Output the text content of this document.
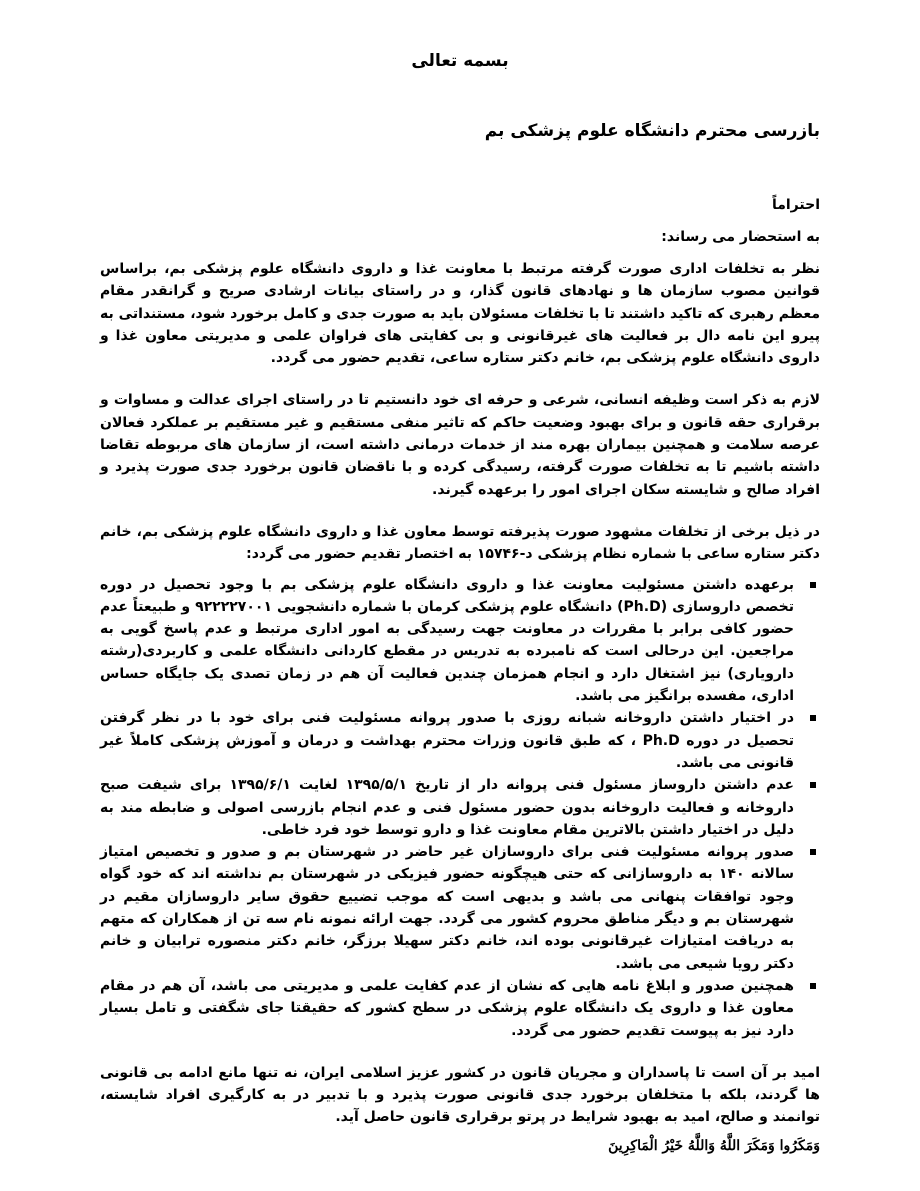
بسمه تعالی
بازرسی محترم دانشگاه علوم پزشکی بم

احتراماً

به استحضار می رساند:

نظر به تخلفات اداری صورت گرفته مرتبط با معاونت غذا و داروی دانشگاه علوم پزشکی بم، براساس قوانین مصوب سازمان ها و نهادهای قانون گذار، و در راستای بیانات ارشادی صریح و گرانقدر مقام معظم رهبری که تاکید داشتند تا با تخلفات مسئولان باید به صورت جدی و کامل برخورد شود، مستنداتی به پیرو این نامه دال بر فعالیت های غیرقانونی و بی کفایتی های فراوان علمی و مدیریتی معاون غذا و داروی دانشگاه علوم پزشکی بم، خانم دکتر ستاره ساعی، تقدیم حضور می گردد.

لازم به ذکر است وظیفه انسانی، شرعی و حرفه ای خود دانستیم تا در راستای اجرای عدالت و مساوات و برقراری حقه قانون و برای بهبود وضعیت حاکم که تاثیر منفی مستقیم و غیر مستقیم بر عملکرد فعالان عرصه سلامت و همچنین بیماران بهره مند از خدمات درمانی داشته است، از سازمان های مربوطه تقاضا داشته باشیم تا به تخلفات صورت گرفته، رسیدگی کرده و با ناقضان قانون برخورد جدی صورت پذیرد و افراد صالح و شایسته سکان اجرای امور را برعهده گیرند.

در ذیل برخی از تخلفات مشهود صورت پذیرفته توسط معاون غذا و داروی دانشگاه علوم پزشکی بم، خانم دکتر ستاره ساعی با شماره نظام پزشکی د-۱۵۷۴۶ به اختصار تقدیم حضور می گردد:

برعهده داشتن مسئولیت معاونت غذا و داروی دانشگاه علوم پزشکی بم با وجود تحصیل در دوره تخصص داروسازی (Ph.D) دانشگاه علوم پزشکی کرمان با شماره دانشجویی ۹۲۲۲۲۷۰۰۱ و طبیعتاً عدم حضور کافی برابر با مقررات در معاونت جهت رسیدگی به امور اداری مرتبط و عدم پاسخ گویی به مراجعین. این درحالی است که نامبرده به تدریس در مقطع کاردانی دانشگاه علمی و کاربردی(رشته دارویاری) نیز اشتغال دارد و انجام همزمان چندین فعالیت آن هم در زمان تصدی یک جایگاه حساس اداری، مفسده برانگیز می باشد.
در اختیار داشتن داروخانه شبانه روزی با صدور پروانه مسئولیت فنی برای خود با در نظر گرفتن تحصیل در دوره Ph.D ، که طبق قانون وزرات محترم بهداشت و درمان و آموزش پزشکی کاملاً غیر قانونی می باشد.
عدم داشتن داروساز مسئول فنی پروانه دار از تاریخ ۱۳۹۵/۵/۱ لغایت ۱۳۹۵/۶/۱ برای شیفت صبح داروخانه و فعالیت داروخانه بدون حضور مسئول فنی و عدم انجام بازرسی اصولی و ضابطه مند به دلیل در اختیار داشتن بالاترین مقام معاونت غذا و دارو توسط خود فرد خاطی.
صدور پروانه مسئولیت فنی برای داروسازان غیر حاضر در شهرستان بم و صدور و تخصیص امتیاز سالانه ۱۴۰ به داروسازانی که حتی هیچگونه حضور فیزیکی در شهرستان بم نداشته اند که خود گواه وجود توافقات پنهانی می باشد و بدیهی است که موجب تضییع حقوق سایر داروسازان مقیم در شهرستان بم و دیگر مناطق محروم کشور می گردد. جهت ارائه نمونه نام سه تن از همکاران که متهم به دریافت امتیازات غیرقانونی بوده اند، خانم دکتر سهیلا برزگر، خانم دکتر منصوره ترابیان و خانم دکتر رویا شیعی می باشد.
همچنین صدور و ابلاغ نامه هایی که نشان از عدم کفایت علمی و مدیریتی می باشد، آن هم در مقام معاون غذا و داروی یک دانشگاه علوم پزشکی در سطح کشور که حقیقتا جای شگفتی و تامل بسیار دارد نیز به پیوست تقدیم حضور می گردد.

امید بر آن است تا پاسداران و مجریان قانون در کشور عزیز اسلامی ایران، نه تنها مانع ادامه بی قانونی ها گردند، بلکه با متخلفان برخورد جدی قانونی صورت پذیرد و با تدبیر در به کارگیری افراد شایسته، توانمند و صالح، امید به بهبود شرایط در پرتو برقراری قانون حاصل آید.

وَمَكَرُوا وَمَكَرَ اللَّهُ وَاللَّهُ خَيْرُ الْمَاكِرِينَ
